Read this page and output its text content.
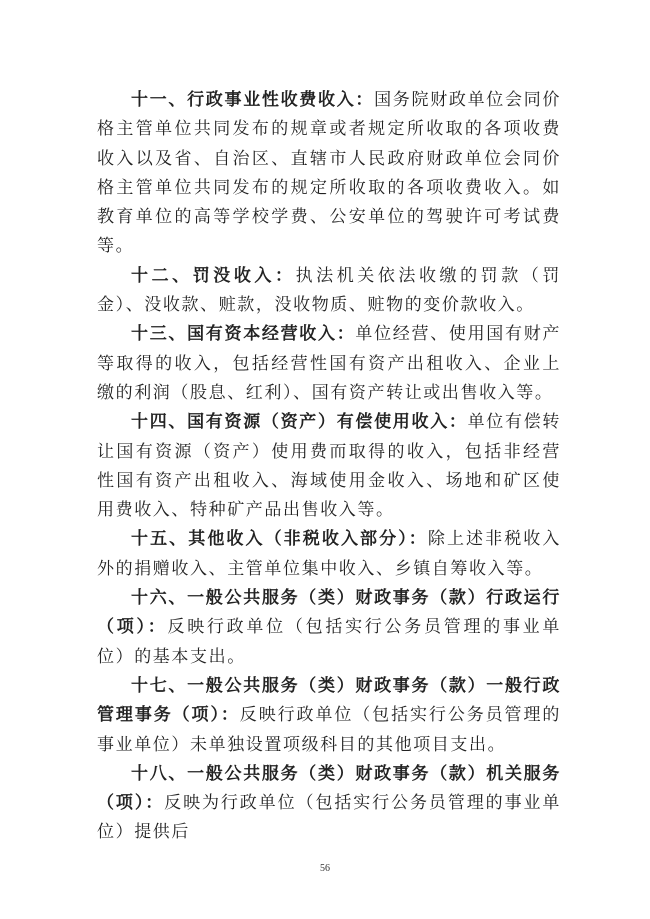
十一、行政事业性收费收入：国务院财政单位会同价格主管单位共同发布的规章或者规定所收取的各项收费收入以及省、自治区、直辖市人民政府财政单位会同价格主管单位共同发布的规定所收取的各项收费收入。如教育单位的高等学校学费、公安单位的驾驶许可考试费等。

十二、罚没收入：执法机关依法收缴的罚款（罚金）、没收款、赃款，没收物质、赃物的变价款收入。

十三、国有资本经营收入：单位经营、使用国有财产等取得的收入，包括经营性国有资产出租收入、企业上缴的利润（股息、红利）、国有资产转让或出售收入等。

十四、国有资源（资产）有偿使用收入：单位有偿转让国有资源（资产）使用费而取得的收入，包括非经营性国有资产出租收入、海域使用金收入、场地和矿区使用费收入、特种矿产品出售收入等。

十五、其他收入（非税收入部分）：除上述非税收入外的捐赠收入、主管单位集中收入、乡镇自筹收入等。

十六、一般公共服务（类）财政事务（款）行政运行（项）：反映行政单位（包括实行公务员管理的事业单位）的基本支出。

十七、一般公共服务（类）财政事务（款）一般行政管理事务（项）：反映行政单位（包括实行公务员管理的事业单位）未单独设置项级科目的其他项目支出。

十八、一般公共服务（类）财政事务（款）机关服务（项）：反映为行政单位（包括实行公务员管理的事业单位）提供后

56
